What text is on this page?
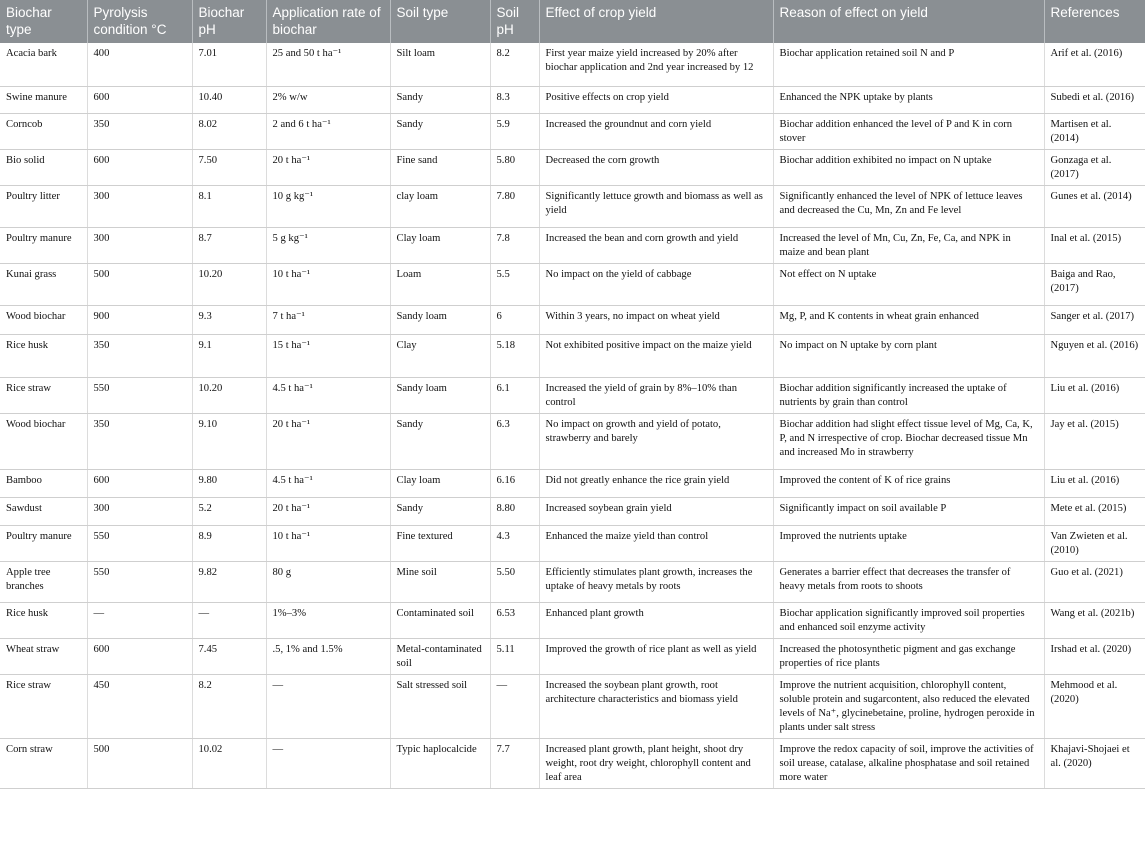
Biochar type	Pyrolysis condition °C	Biochar pH	Application rate of biochar	Soil type	Soil pH	Effect of crop yield	Reason of effect on yield	References
Acacia bark	400	7.01	25 and 50 t ha⁻¹	Silt loam	8.2	First year maize yield increased by 20% after biochar application and 2nd year increased by 12	Biochar application retained soil N and P	Arif et al. (2016)
Swine manure	600	10.40	2% w/w	Sandy	8.3	Positive effects on crop yield	Enhanced the NPK uptake by plants	Subedi et al. (2016)
Corncob	350	8.02	2 and 6 t ha⁻¹	Sandy	5.9	Increased the groundnut and corn yield	Biochar addition enhanced the level of P and K in corn stover	Martisen et al. (2014)
Bio solid	600	7.50	20 t ha⁻¹	Fine sand	5.80	Decreased the corn growth	Biochar addition exhibited no impact on N uptake	Gonzaga et al. (2017)
Poultry litter	300	8.1	10 g kg⁻¹	clay loam	7.80	Significantly lettuce growth and biomass as well as yield	Significantly enhanced the level of NPK of lettuce leaves and decreased the Cu, Mn, Zn and Fe level	Gunes et al. (2014)
Poultry manure	300	8.7	5 g kg⁻¹	Clay loam	7.8	Increased the bean and corn growth and yield	Increased the level of Mn, Cu, Zn, Fe, Ca, and NPK in maize and bean plant	Inal et al. (2015)
Kunai grass	500	10.20	10 t ha⁻¹	Loam	5.5	No impact on the yield of cabbage	Not effect on N uptake	Baiga and Rao, (2017)
Wood biochar	900	9.3	7 t ha⁻¹	Sandy loam	6	Within 3 years, no impact on wheat yield	Mg, P, and K contents in wheat grain enhanced	Sanger et al. (2017)
Rice husk	350	9.1	15 t ha⁻¹	Clay	5.18	Not exhibited positive impact on the maize yield	No impact on N uptake by corn plant	Nguyen et al. (2016)
Rice straw	550	10.20	4.5 t ha⁻¹	Sandy loam	6.1	Increased the yield of grain by 8%–10% than control	Biochar addition significantly increased the uptake of nutrients by grain than control	Liu et al. (2016)
Wood biochar	350	9.10	20 t ha⁻¹	Sandy	6.3	No impact on growth and yield of potato, strawberry and barely	Biochar addition had slight effect tissue level of Mg, Ca, K, P, and N irrespective of crop. Biochar decreased tissue Mn and increased Mo in strawberry	Jay et al. (2015)
Bamboo	600	9.80	4.5 t ha⁻¹	Clay loam	6.16	Did not greatly enhance the rice grain yield	Improved the content of K of rice grains	Liu et al. (2016)
Sawdust	300	5.2	20 t ha⁻¹	Sandy	8.80	Increased soybean grain yield	Significantly impact on soil available P	Mete et al. (2015)
Poultry manure	550	8.9	10 t ha⁻¹	Fine textured	4.3	Enhanced the maize yield than control	Improved the nutrients uptake	Van Zwieten et al. (2010)
Apple tree branches	550	9.82	80 g	Mine soil	5.50	Efficiently stimulates plant growth, increases the uptake of heavy metals by roots	Generates a barrier effect that decreases the transfer of heavy metals from roots to shoots	Guo et al. (2021)
Rice husk	—	—	1%–3%	Contaminated soil	6.53	Enhanced plant growth	Biochar application significantly improved soil properties and enhanced soil enzyme activity	Wang et al. (2021b)
Wheat straw	600	7.45	.5, 1% and 1.5%	Metal-contaminated soil	5.11	Improved the growth of rice plant as well as yield	Increased the photosynthetic pigment and gas exchange properties of rice plants	Irshad et al. (2020)
Rice straw	450	8.2	—	Salt stressed soil	—	Increased the soybean plant growth, root architecture characteristics and biomass yield	Improve the nutrient acquisition, chlorophyll content, soluble protein and sugarcontent, also reduced the elevated levels of Na⁺, glycinebetaine, proline, hydrogen peroxide in plants under salt stress	Mehmood et al. (2020)
Corn straw	500	10.02	—	Typic haplocalcide	7.7	Increased plant growth, plant height, shoot dry weight, root dry weight, chlorophyll content and leaf area	Improve the redox capacity of soil, improve the activities of soil urease, catalase, alkaline phosphatase and soil retained more water	Khajavi-Shojaei et al. (2020)
